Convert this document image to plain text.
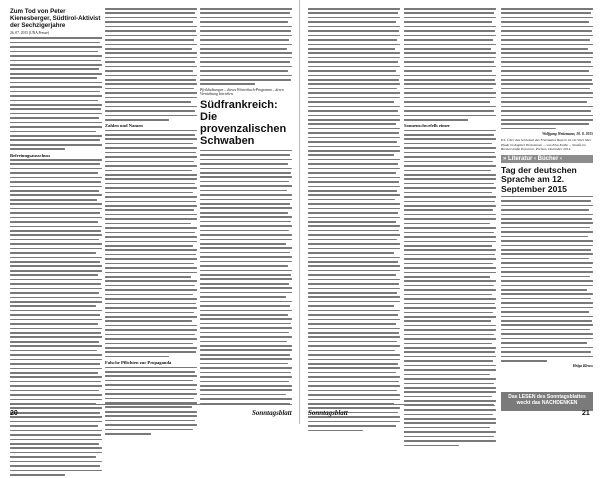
Zum Tod von Peter Kienesberger, Südtirol-Aktivist der Sechzigerjahre
26. 07. 2015 (UNA Presse)
Befreiungsausschuss
Zahlen und Namen
Falsche Pflichten zur Propaganda
Pfeildichtungen – dieses Wörterbuch-Programm – deren Vernichtung betrieben.
Südfrankreich: Die provenzalischen Schwaben
20	Sonntagsblatt
Sonnenschwefelh eimer
Wolfgang Weitzmann, 20. 8. 2015
P.S. Über das Schicksal des Freistaates Bayern ist ein Wort über Pfade im Kapitel Vorkommen ... von Elsa Kolbe ... Straße im Bremerstraße Provence, Preisen, Dezember 2014.
» Literatur ‹ Bücher ‹
Tag der deutschen Sprache am 12. September 2015
Helga Kleuss
Das LESEN des Sonntagsblattes weckt das NACHDENKEN
Sonntagsblatt	21
